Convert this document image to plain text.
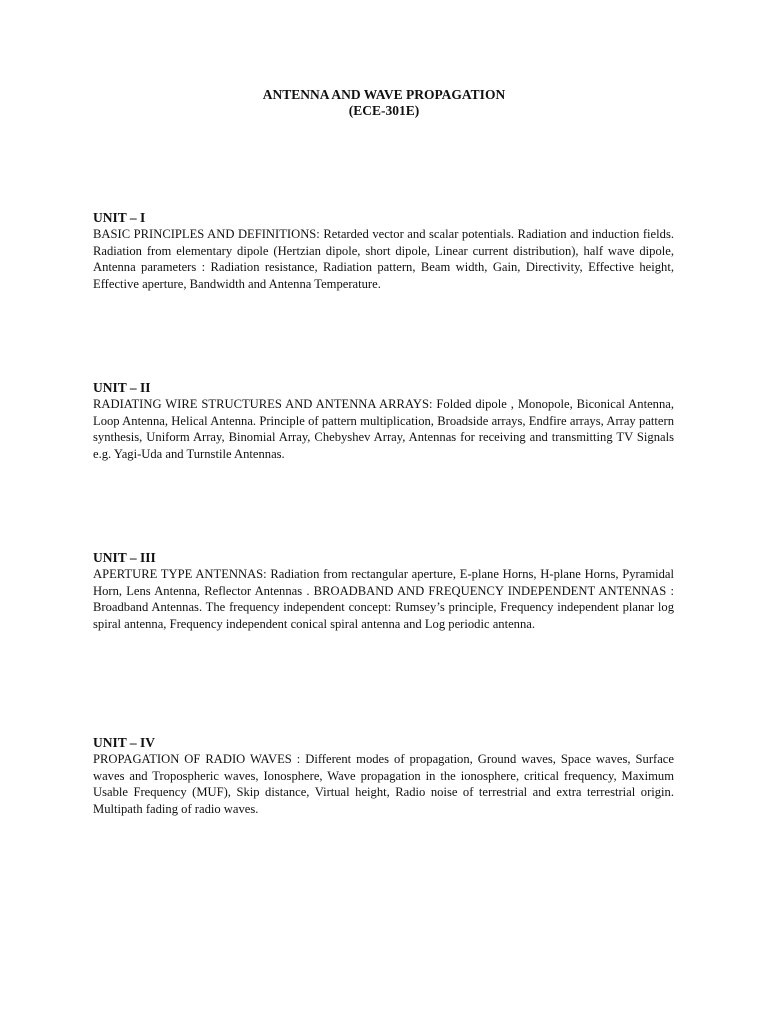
ANTENNA AND WAVE PROPAGATION
(ECE-301E)

UNIT – I

BASIC PRINCIPLES AND DEFINITIONS: Retarded vector and scalar potentials. Radiation and induction fields. Radiation from elementary dipole (Hertzian dipole, short dipole, Linear current distribution), half wave dipole, Antenna parameters : Radiation resistance, Radiation pattern, Beam width, Gain, Directivity, Effective height, Effective aperture, Bandwidth and Antenna Temperature.

UNIT – II

RADIATING WIRE STRUCTURES AND ANTENNA ARRAYS: Folded dipole , Monopole, Biconical Antenna, Loop Antenna, Helical Antenna. Principle of pattern multiplication, Broadside arrays, Endfire arrays, Array pattern synthesis, Uniform Array, Binomial Array, Chebyshev Array, Antennas for receiving and transmitting TV Signals e.g. Yagi-Uda and Turnstile Antennas.

UNIT – III

APERTURE TYPE ANTENNAS: Radiation from rectangular aperture, E-plane Horns, H-plane Horns, Pyramidal Horn, Lens Antenna, Reflector Antennas . BROADBAND AND FREQUENCY INDEPENDENT ANTENNAS : Broadband Antennas. The frequency independent concept: Rumsey’s principle, Frequency independent planar log spiral antenna, Frequency independent conical spiral antenna and Log periodic antenna.

UNIT – IV

PROPAGATION OF RADIO WAVES : Different modes of propagation, Ground waves, Space waves, Surface waves and Tropospheric waves, Ionosphere, Wave propagation in the ionosphere, critical frequency, Maximum Usable Frequency (MUF), Skip distance, Virtual height, Radio noise of terrestrial and extra terrestrial origin. Multipath fading of radio waves.
